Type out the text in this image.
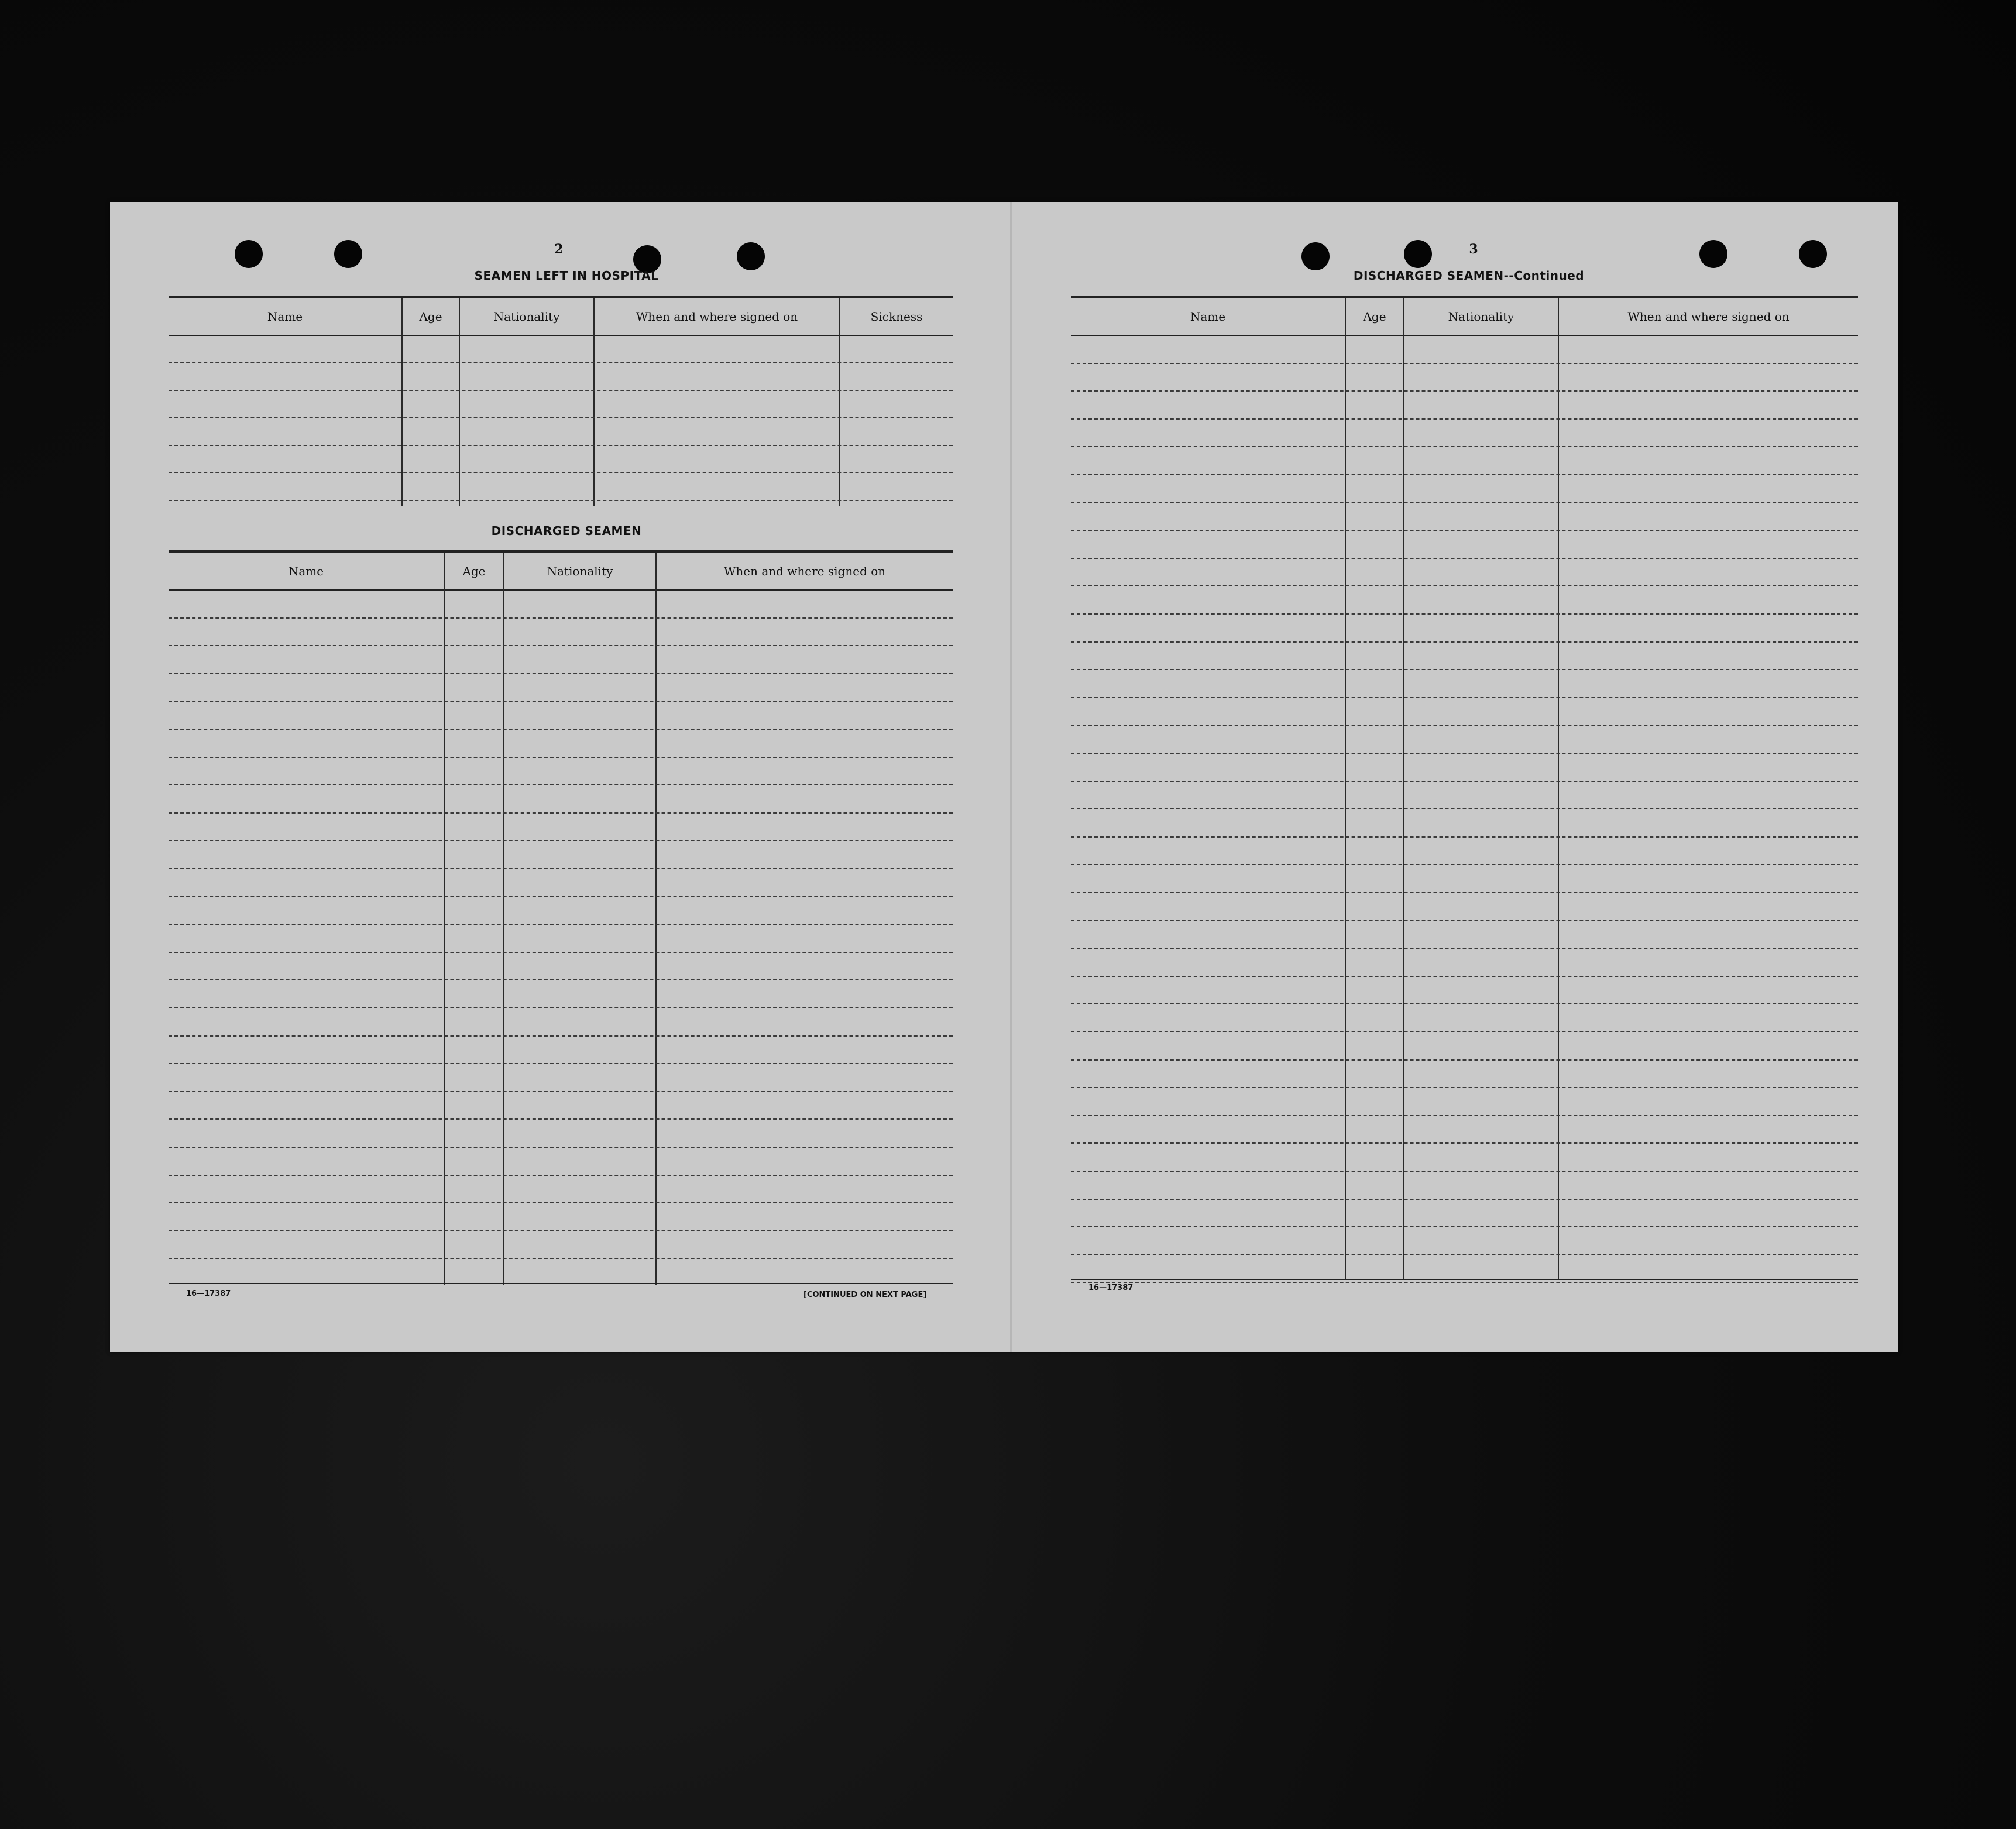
2
SEAMEN LEFT IN HOSPITAL
Name	Age	Nationality	When and where signed on	Sickness
DISCHARGED SEAMEN
Name	Age	Nationality	When and where signed on
16—17387	[CONTINUED ON NEXT PAGE]
3
DISCHARGED SEAMEN--Continued
Name	Age	Nationality	When and where signed on
16—17387
